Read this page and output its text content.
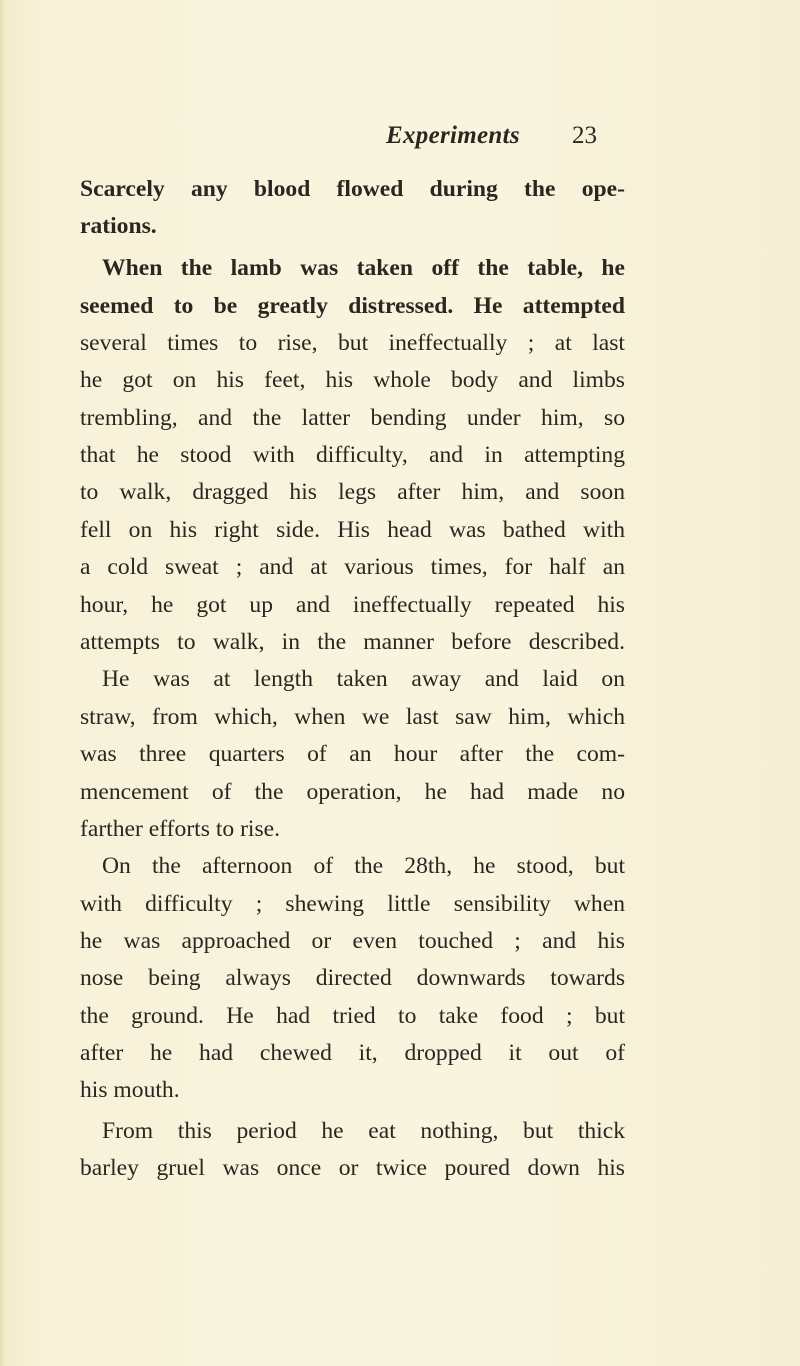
Experiments 23
Scarcely any blood flowed during the ope-
rations.
When the lamb was taken off the table, he
seemed to be greatly distressed. He attempted
several times to rise, but ineffectually ; at last
he got on his feet, his whole body and limbs
trembling, and the latter bending under him, so
that he stood with difficulty, and in attempting
to walk, dragged his legs after him, and soon
fell on his right side. His head was bathed with
a cold sweat ; and at various times, for half an
hour, he got up and ineffectually repeated his
attempts to walk, in the manner before described.
He was at length taken away and laid on
straw, from which, when we last saw him, which
was three quarters of an hour after the com-
mencement of the operation, he had made no
farther efforts to rise.
On the afternoon of the 28th, he stood, but
with difficulty ; shewing little sensibility when
he was approached or even touched ; and his
nose being always directed downwards towards
the ground. He had tried to take food ; but
after he had chewed it, dropped it out of
his mouth.
From this period he eat nothing, but thick
barley gruel was once or twice poured down his
